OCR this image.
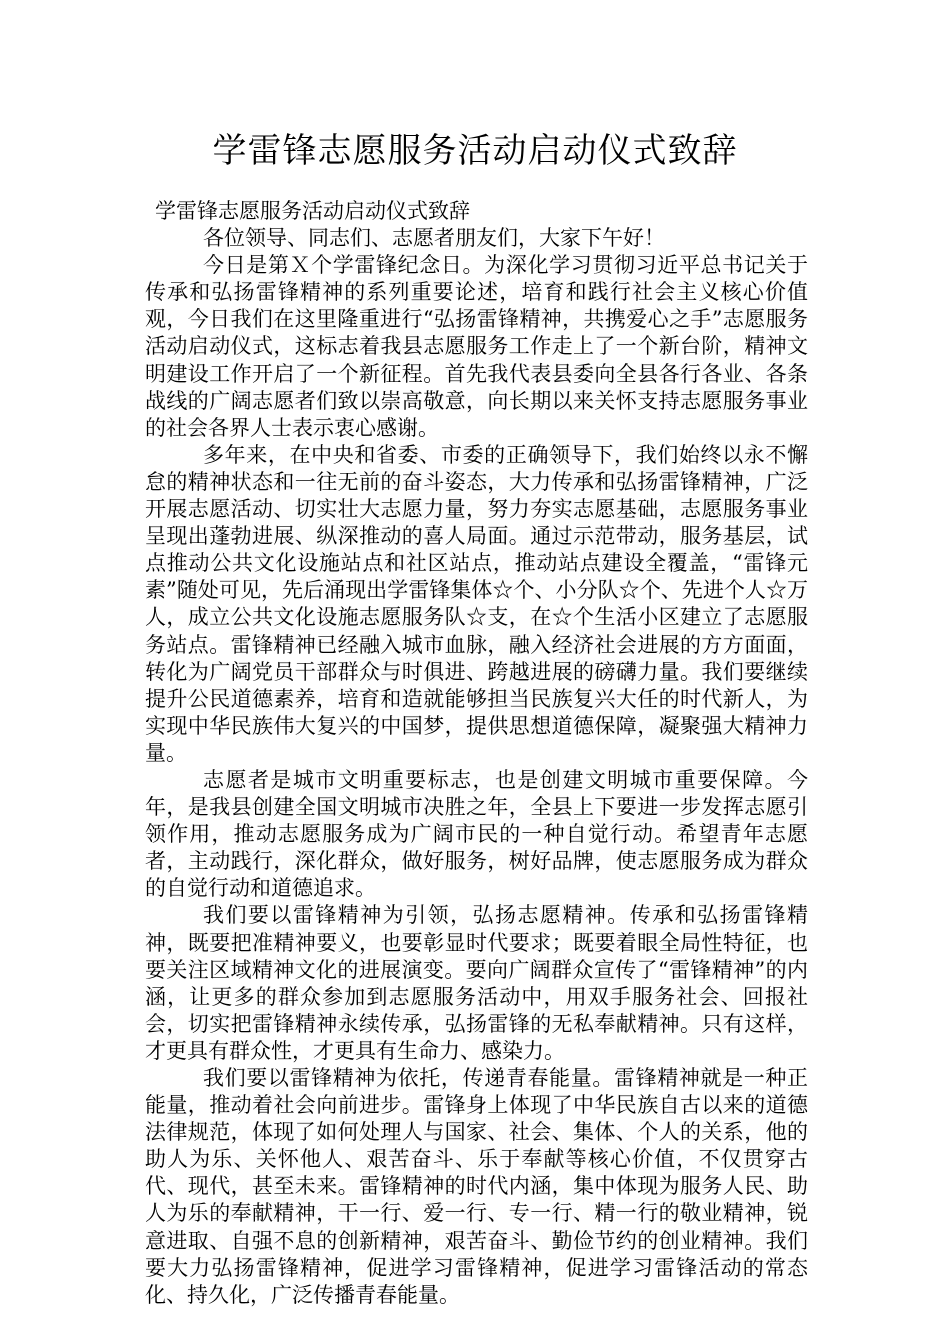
学雷锋志愿服务活动启动仪式致辞

学雷锋志愿服务活动启动仪式致辞

各位领导、同志们、志愿者朋友们，大家下午好！

今日是第Ｘ个学雷锋纪念日。为深化学习贯彻习近平总书记关于传承和弘扬雷锋精神的系列重要论述，培育和践行社会主义核心价值观，今日我们在这里隆重进行“弘扬雷锋精神，共携爱心之手”志愿服务活动启动仪式，这标志着我县志愿服务工作走上了一个新台阶，精神文明建设工作开启了一个新征程。首先我代表县委向全县各行各业、各条战线的广阔志愿者们致以崇高敬意，向长期以来关怀支持志愿服务事业的社会各界人士表示衷心感谢。

多年来，在中央和省委、市委的正确领导下，我们始终以永不懈怠的精神状态和一往无前的奋斗姿态，大力传承和弘扬雷锋精神，广泛开展志愿活动、切实壮大志愿力量，努力夯实志愿基础，志愿服务事业呈现出蓬勃进展、纵深推动的喜人局面。通过示范带动，服务基层，试点推动公共文化设施站点和社区站点，推动站点建设全覆盖，“雷锋元素”随处可见，先后涌现出学雷锋集体☆个、小分队☆个、先进个人☆万人，成立公共文化设施志愿服务队☆支，在☆个生活小区建立了志愿服务站点。雷锋精神已经融入城市血脉，融入经济社会进展的方方面面，转化为广阔党员干部群众与时俱进、跨越进展的磅礴力量。我们要继续提升公民道德素养，培育和造就能够担当民族复兴大任的时代新人，为实现中华民族伟大复兴的中国梦，提供思想道德保障，凝聚强大精神力量。

志愿者是城市文明重要标志，也是创建文明城市重要保障。今年，是我县创建全国文明城市决胜之年，全县上下要进一步发挥志愿引领作用，推动志愿服务成为广阔市民的一种自觉行动。希望青年志愿者，主动践行，深化群众，做好服务，树好品牌，使志愿服务成为群众的自觉行动和道德追求。

我们要以雷锋精神为引领，弘扬志愿精神。传承和弘扬雷锋精神，既要把准精神要义，也要彰显时代要求；既要着眼全局性特征，也要关注区域精神文化的进展演变。要向广阔群众宣传了“雷锋精神”的内涵，让更多的群众参加到志愿服务活动中，用双手服务社会、回报社会，切实把雷锋精神永续传承，弘扬雷锋的无私奉献精神。只有这样，才更具有群众性，才更具有生命力、感染力。

我们要以雷锋精神为依托，传递青春能量。雷锋精神就是一种正能量，推动着社会向前进步。雷锋身上体现了中华民族自古以来的道德法律规范，体现了如何处理人与国家、社会、集体、个人的关系，他的助人为乐、关怀他人、艰苦奋斗、乐于奉献等核心价值，不仅贯穿古代、现代，甚至未来。雷锋精神的时代内涵，集中体现为服务人民、助人为乐的奉献精神，干一行、爱一行、专一行、精一行的敬业精神，锐意进取、自强不息的创新精神，艰苦奋斗、勤俭节约的创业精神。我们要大力弘扬雷锋精神，促进学习雷锋精神，促进学习雷锋活动的常态化、持久化，广泛传播青春能量。
